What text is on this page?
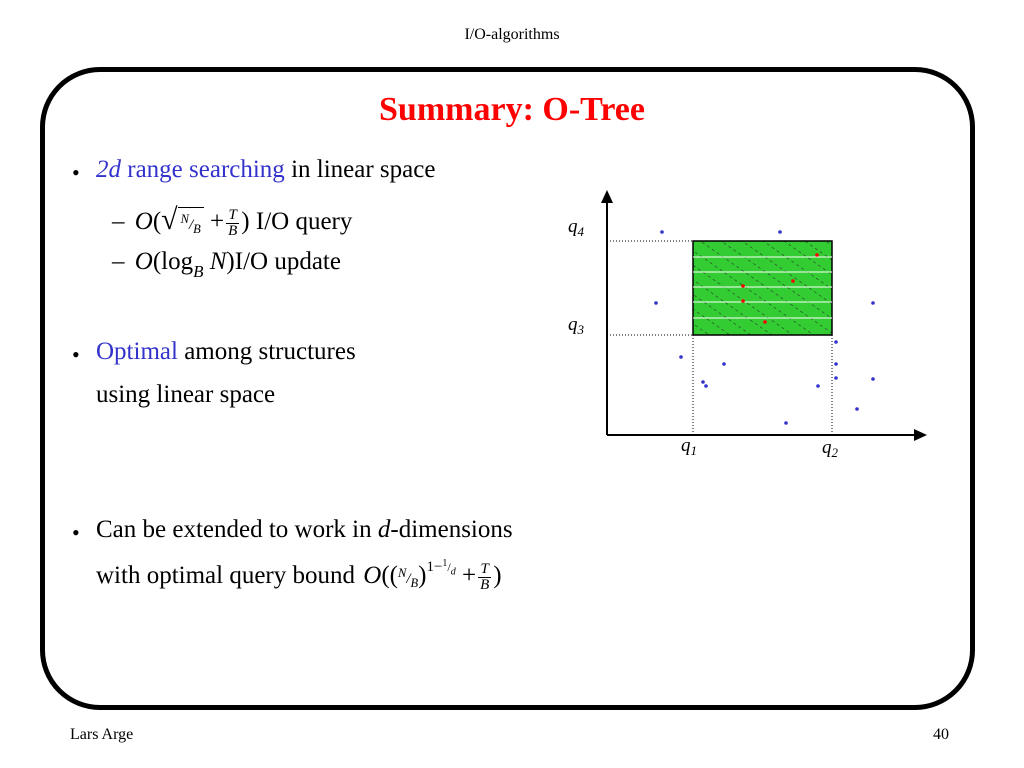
I/O-algorithms
Summary: O-Tree
• 2d range searching in linear space
– O(√ $^N/_B + \frac{T}{B}$ ) I/O query
– $O(\log_B$ N)I/O update
• Optimal among structures
using linear space
• Can be extended to work in d-dimensions
with optimal query bound $O((^N/_B)^{1-^1/_d} + \frac{T}{B}$ )
$q_4$
$q_3$
$q_1$	$q_2$
Lars Arge	40
